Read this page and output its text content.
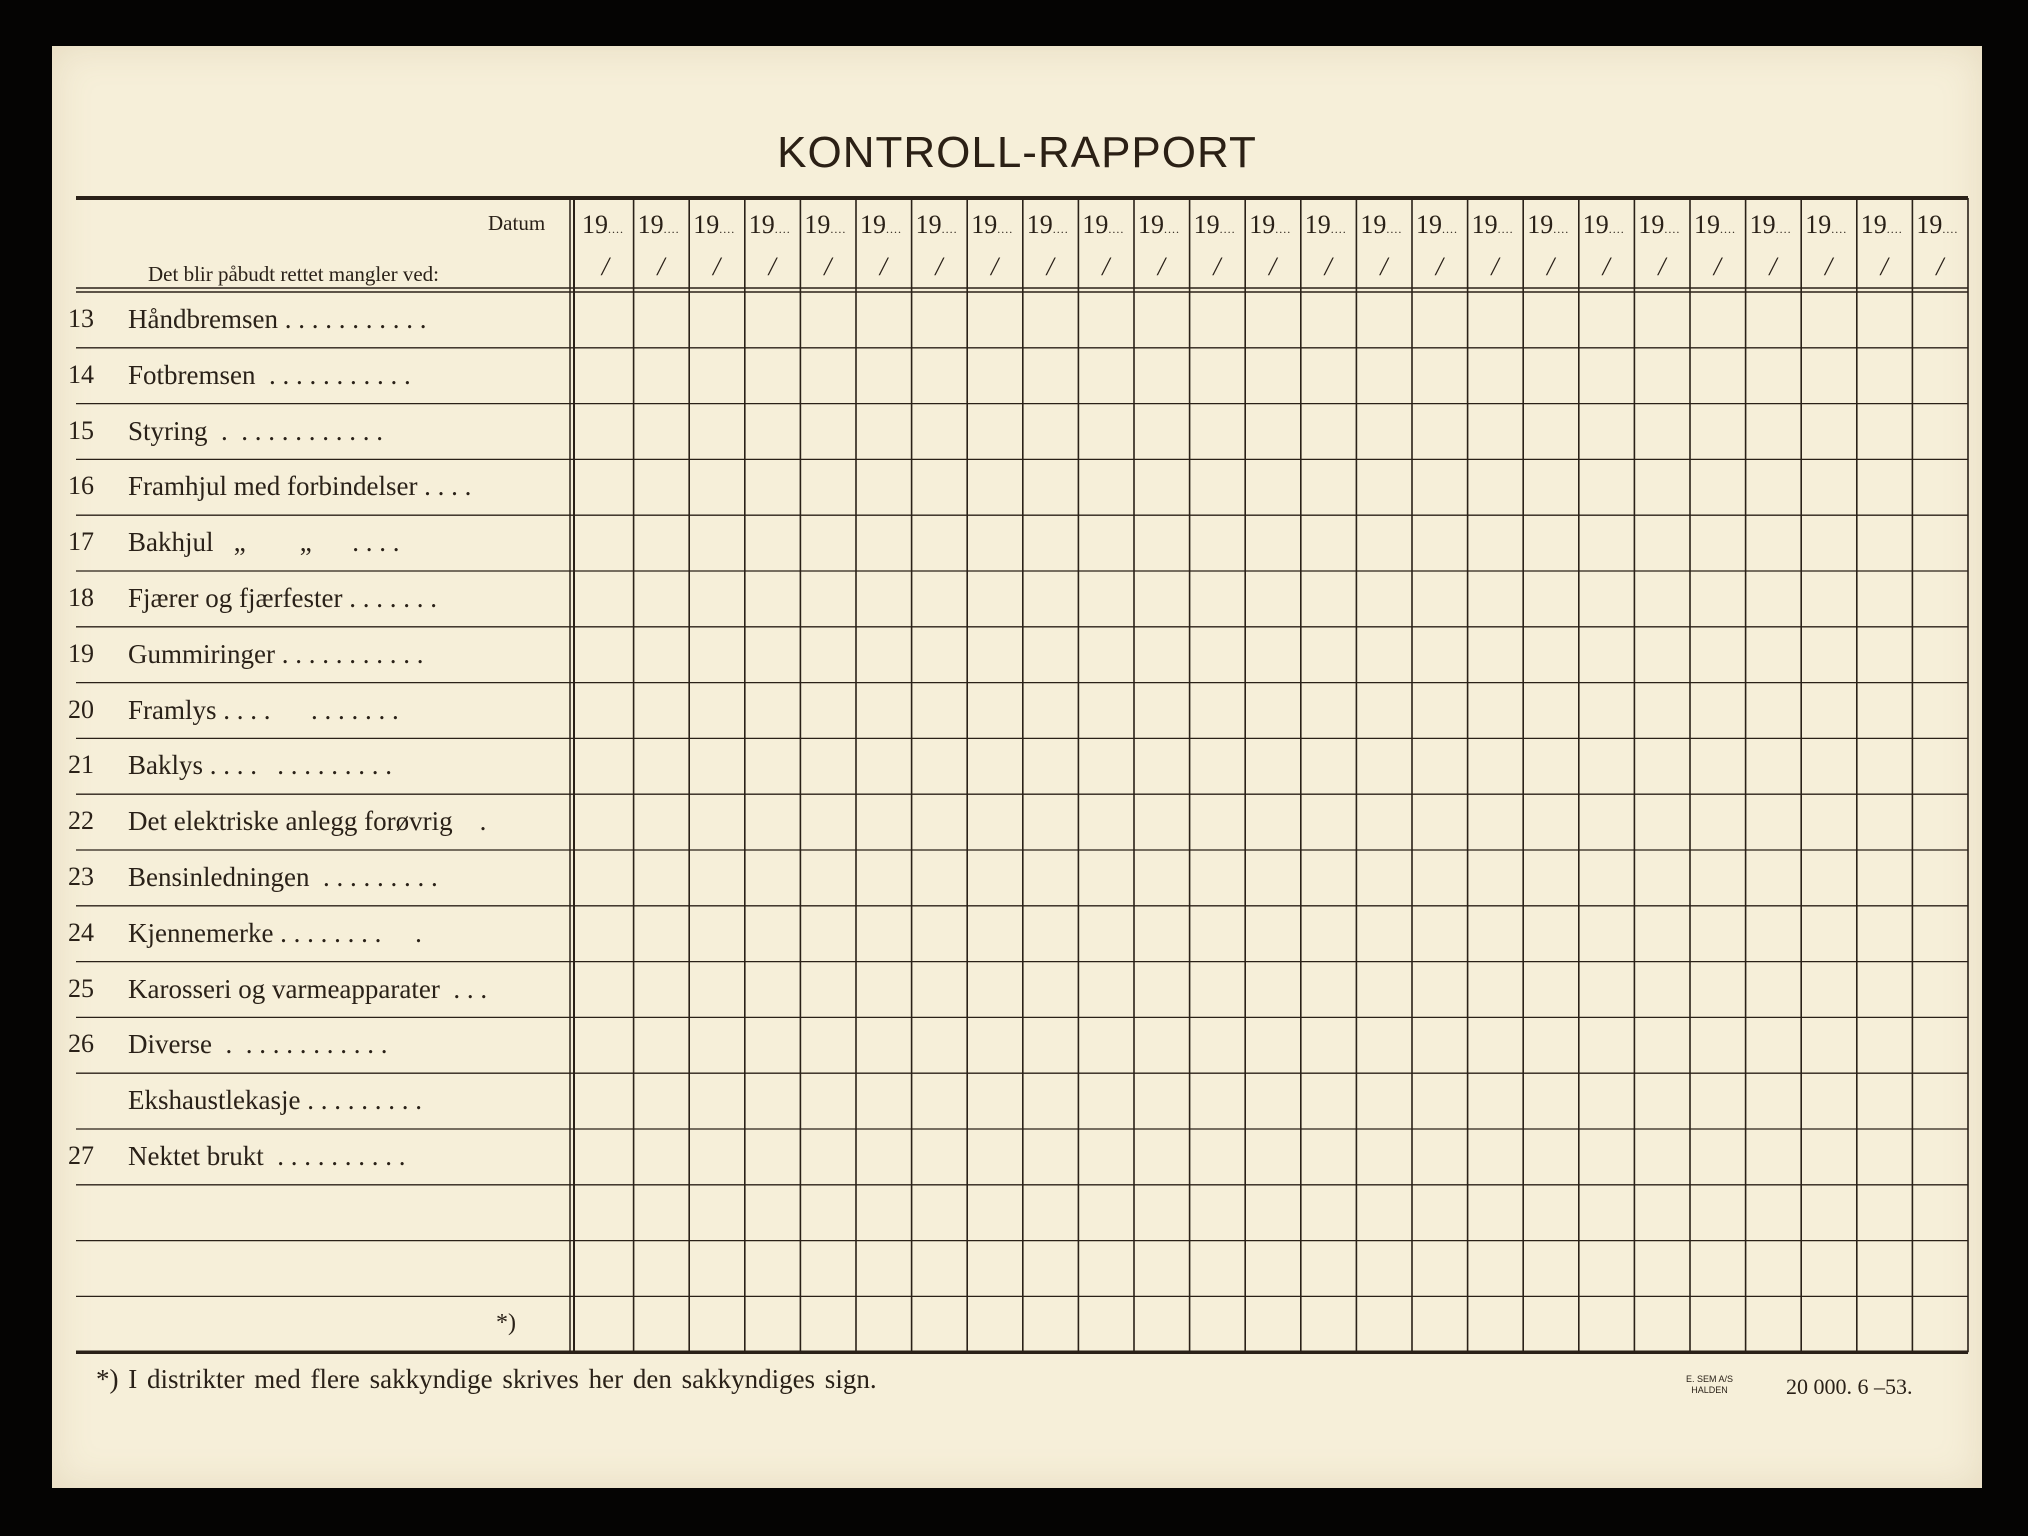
KONTROLL-RAPPORT
Datum
Det blir påbudt rettet mangler ved:
19....
/
19....
/
19....
/
19....
/
19....
/
19....
/
19....
/
19....
/
19....
/
19....
/
19....
/
19....
/
19....
/
19....
/
19....
/
19....
/
19....
/
19....
/
19....
/
19....
/
19....
/
19....
/
19....
/
19....
/
19....
/
13 Håndbremsen . . . . . . . . . . .
14 Fotbremsen  . . . . . . . . . . .
15 Styring  .  . . . . . . . . . . .
16 Framhjul med forbindelser . . . .
17 Bakhjul   „        „      . . . .
18 Fjærer og fjærfester . . . . . . .
19 Gummiringer . . . . . . . . . . .
20 Framlys . . . .      . . . . . . .
21 Baklys . . . .   . . . . . . . . .
22 Det elektriske anlegg forøvrig    .
23 Bensinledningen  . . . . . . . . .
24 Kjennemerke . . . . . . . .     .
25 Karosseri og varmeapparater  . . .
26 Diverse  .  . . . . . . . . . . .
Ekshaustlekasje . . . . . . . . .
27 Nektet brukt  . . . . . . . . . .
*)
*) I distrikter med flere sakkyndige skrives her den sakkyndiges sign.	E. SEM A/S
HALDEN	20 000. 6 –53.
